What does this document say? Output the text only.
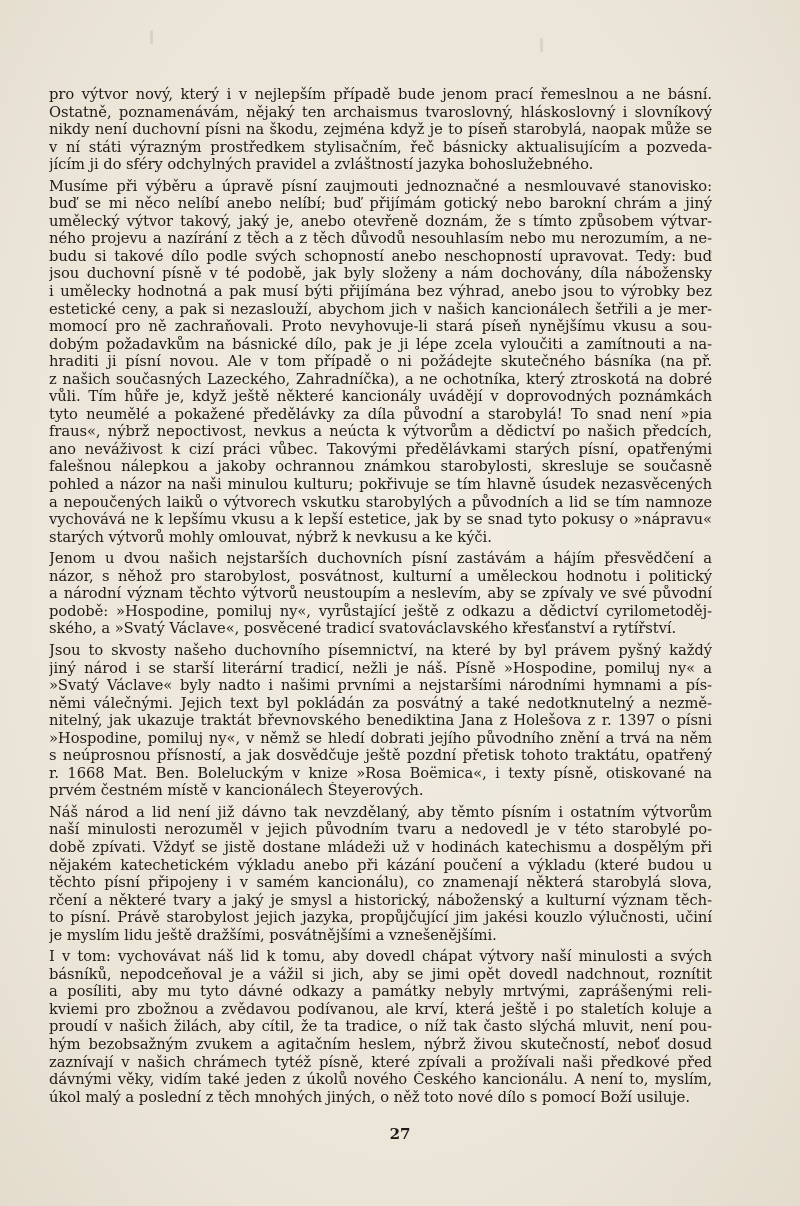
pro výtvor nový, který i v nejlepším případě bude jenom prací řemeslnou a ne básní.
Ostatně, poznamenávám, nějaký ten archaismus tvaroslovný, hláskoslovný i slovníkový
nikdy není duchovní písni na škodu, zejména když je to píseň starobylá, naopak může se
v ní státi výrazným prostředkem stylisačním, řeč básnicky aktualisujícím a pozveda-
jícím ji do sféry odchylných pravidel a zvláštností jazyka bohoslužebného.
Musíme při výběru a úpravě písní zaujmouti jednoznačné a nesmlouvavé stanovisko:
buď se mi něco nelíbí anebo nelíbí; buď přijímám gotický nebo barokní chrám a jiný
umělecký výtvor takový, jaký je, anebo otevřeně doznám, že s tímto způsobem výtvar-
ného projevu a nazírání z těch a z těch důvodů nesouhlasím nebo mu nerozumím, a ne-
budu si takové dílo podle svých schopností anebo neschopností upravovat. Tedy: buď
jsou duchovní písně v té podobě, jak byly složeny a nám dochovány, díla nábožensky
i umělecky hodnotná a pak musí býti přijímána bez výhrad, anebo jsou to výrobky bez
estetické ceny, a pak si nezaslouží, abychom jich v našich kancionálech šetřili a je mer-
momocí pro ně zachraňovali. Proto nevyhovuje-li stará píseň nynějšímu vkusu a sou-
dobým požadavkům na básnické dílo, pak je ji lépe zcela vyloučiti a zamítnouti a na-
hraditi ji písní novou. Ale v tom případě o ni požádejte skutečného básníka (na př.
z našich současných Lazeckého, Zahradníčka), a ne ochotníka, který ztroskotá na dobré
vůli. Tím hůře je, když ještě některé kancionály uvádějí v doprovodných poznámkách
tyto neumělé a pokažené předělávky za díla původní a starobylá! To snad není »pia
fraus«, nýbrž nepoctivost, nevkus a neúcta k výtvorům a dědictví po našich předcích,
ano neváživost k cizí práci vůbec. Takovými předělávkami starých písní, opatřenými
falešnou nálepkou a jakoby ochrannou známkou starobylosti, skresluje se současně
pohled a názor na naši minulou kulturu; pokřivuje se tím hlavně úsudek nezasvěcených
a nepoučených laiků o výtvorech vskutku starobylých a původních a lid se tím namnoze
vychovává ne k lepšímu vkusu a k lepší estetice, jak by se snad tyto pokusy o »nápravu«
starých výtvorů mohly omlouvat, nýbrž k nevkusu a ke kýči.
Jenom u dvou našich nejstarších duchovních písní zastávám a hájím přesvědčení a
názor, s něhož pro starobylost, posvátnost, kulturní a uměleckou hodnotu i politický
a národní význam těchto výtvorů neustoupím a neslevím, aby se zpívaly ve své původní
podobě: »Hospodine, pomiluj ny«, vyrůstající ještě z odkazu a dědictví cyrilometoděj-
ského, a »Svatý Václave«, posvěcené tradicí svatováclavského křesťanství a rytířství.
Jsou to skvosty našeho duchovního písemnictví, na které by byl právem pyšný každý
jiný národ i se starší literární tradicí, nežli je náš. Písně »Hospodine, pomiluj ny« a
»Svatý Václave« byly nadto i našimi prvními a nejstaršími národními hymnami a pís-
němi válečnými. Jejich text byl pokládán za posvátný a také nedotknutelný a nezmě-
nitelný, jak ukazuje traktát břevnovského benediktina Jana z Holešova z r. 1397 o písni
»Hospodine, pomiluj ny«, v němž se hledí dobrati jejího původního znění a trvá na něm
s neúprosnou přísností, a jak dosvědčuje ještě pozdní přetisk tohoto traktátu, opatřený
r. 1668 Mat. Ben. Boleluckým v knize »Rosa Boëmica«, i texty písně, otiskované na
prvém čestném místě v kancionálech Šteyerových.
Náš národ a lid není již dávno tak nevzdělaný, aby těmto písním i ostatním výtvorům
naší minulosti nerozuměl v jejich původním tvaru a nedovedl je v této starobylé po-
době zpívati. Vždyť se jistě dostane mládeži už v hodinách katechismu a dospělým při
nějakém katechetickém výkladu anebo při kázání poučení a výkladu (které budou u
těchto písní připojeny i v samém kancionálu), co znamenají některá starobylá slova,
rčení a některé tvary a jaký je smysl a historický, náboženský a kulturní význam těch-
to písní. Právě starobylost jejich jazyka, propůjčující jim jakési kouzlo výlučnosti, učiní
je myslím lidu ještě dražšími, posvátnějšími a vznešenějšími.
I v tom: vychovávat náš lid k tomu, aby dovedl chápat výtvory naší minulosti a svých
básníků, nepodceňoval je a vážil si jich, aby se jimi opět dovedl nadchnout, roznítit
a posíliti, aby mu tyto dávné odkazy a památky nebyly mrtvými, zaprášenými reli-
kviemi pro zbožnou a zvědavou podívanou, ale krví, která ještě i po staletích koluje a
proudí v našich žilách, aby cítil, že ta tradice, o níž tak často slýchá mluvit, není pou-
hým bezobsažným zvukem a agitačním heslem, nýbrž živou skutečností, neboť dosud
zaznívají v našich chrámech tytéž písně, které zpívali a prožívali naši předkové před
dávnými věky, vidím také jeden z úkolů nového Českého kancionálu. A není to, myslím,
úkol malý a poslední z těch mnohých jiných, o něž toto nové dílo s pomocí Boží usiluje.
27
